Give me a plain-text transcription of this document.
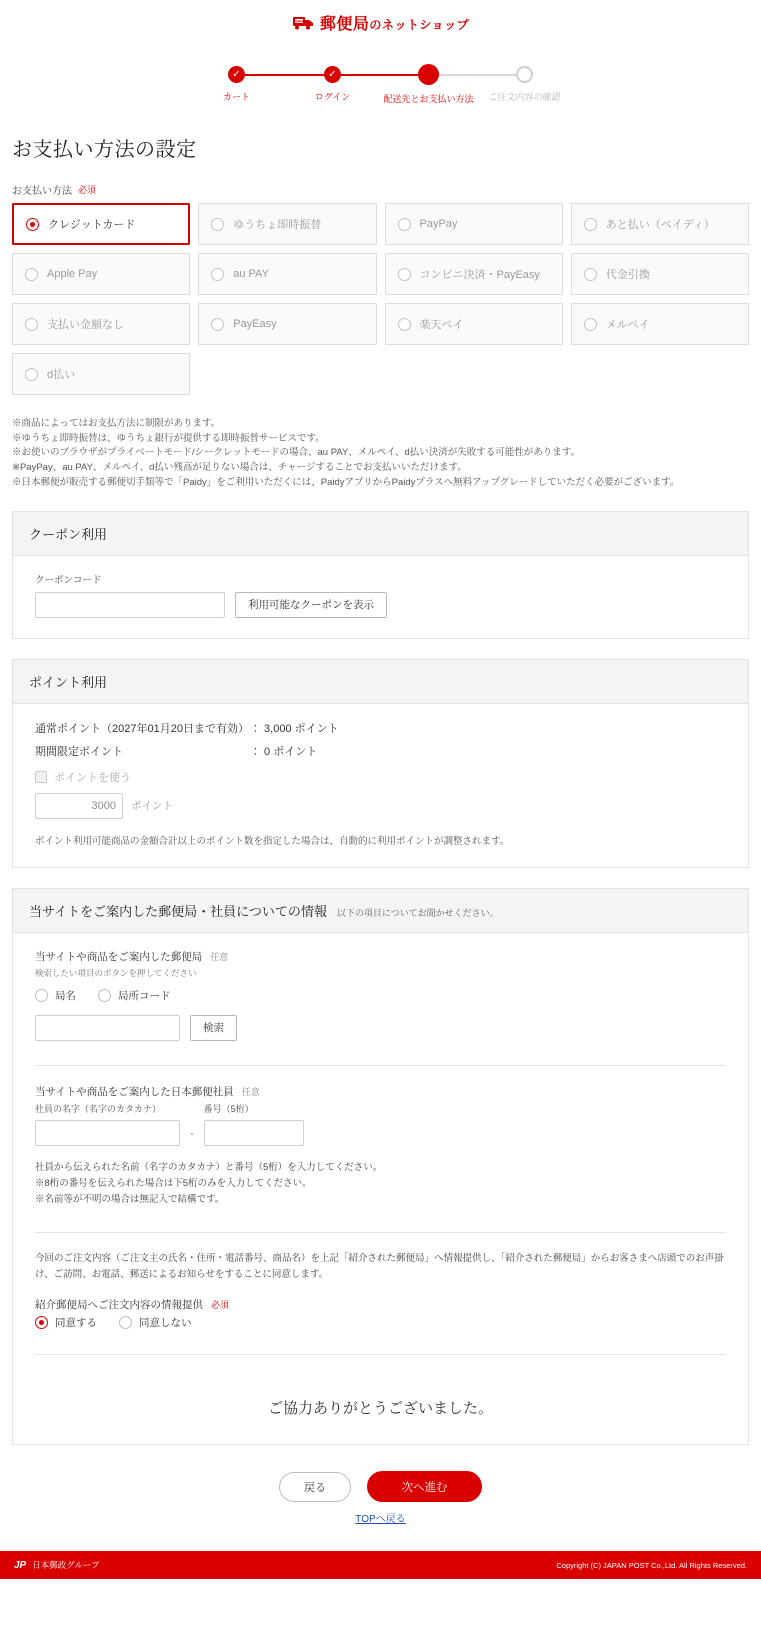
郵便局のネットショップ
✓
カート
✓
ログイン	配送先とお支払い方法 ご注文内容の確認
お支払い方法の設定
お支払い方法 必須
クレジットカード	ゆうちょ即時振替	PayPay	あと払い（ペイディ）
Apple Pay	au PAY	コンビニ決済・PayEasy	代金引換
支払い金額なし	PayEasy	楽天ペイ	メルペイ
d払い
※商品によってはお支払方法に制限があります。
※ゆうちょ即時振替は、ゆうちょ銀行が提供する即時振替サービスです。
※お使いのブラウザがプライベートモード/シークレットモードの場合、au PAY、メルペイ、d払い決済が失敗する可能性があります。
※PayPay、au PAY、メルペイ、d払い残高が足りない場合は、チャージすることでお支払いいただけます。
※日本郵便が販売する郵便切手類等で「Paidy」をご利用いただくには、PaidyアプリからPaidyプラスへ無料アップグレードしていただく必要がございます。
クーポン利用
クーポンコード
利用可能なクーポンを表示
ポイント利用
通常ポイント（2027年01月20日まで有効） ： 3,000 ポイント
期間限定ポイント	： 0 ポイント
ポイントを使う
3000
ポイント
ポイント利用可能商品の金額合計以上のポイント数を指定した場合は、自動的に利用ポイントが調整されます。
当サイトをご案内した郵便局・社員についての情報 以下の項目についてお聞かせください。
当サイトや商品をご案内した郵便局 任意
検索したい項目のボタンを押してください
局名	局所コード
検索
当サイトや商品をご案内した日本郵便社員 任意
社員の名字（名字のカタカナ）
-
番号（5桁）
社員から伝えられた名前（名字のカタカナ）と番号（5桁）を入力してください。
※8桁の番号を伝えられた場合は下5桁のみを入力してください。
※名前等が不明の場合は無記入で結構です。
今回のご注文内容（ご注文主の氏名・住所・電話番号、商品名）を上記「紹介された郵便局」へ情報提供し、「紹介された郵便局」からお客さまへ店頭でのお声掛け、ご訪問、お電話、郵送によるお知らせをすることに同意します。
紹介郵便局へご注文内容の情報提供 必須
同意する	同意しない
ご協力ありがとうございました。
戻る	次へ進む
TOPへ戻る
JP 日本郵政グループ	Copyright (C) JAPAN POST Co.,Ltd. All Rights Reserved.
